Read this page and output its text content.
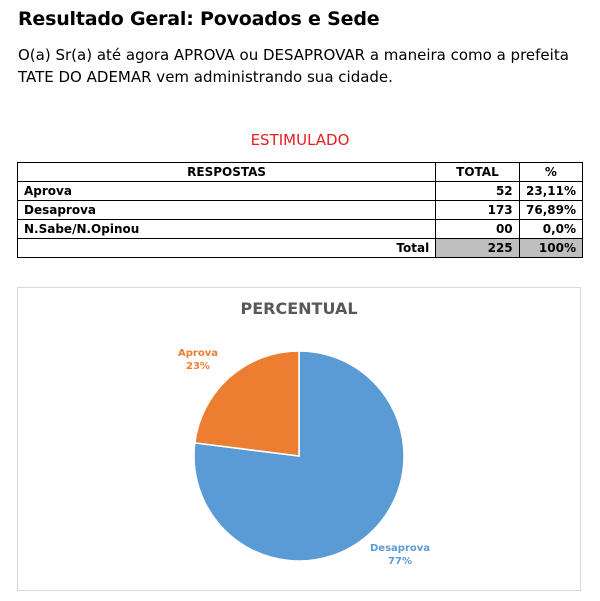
Resultado Geral: Povoados e Sede
O(a) Sr(a) até agora APROVA ou DESAPROVAR a maneira como a prefeita TATE DO ADEMAR vem administrando sua cidade.
ESTIMULADO
RESPOSTAS	TOTAL	%
Aprova	52	23,11%
Desaprova	173	76,89%
N.Sabe/N.Opinou	00	0,0%
Total	225	100%
PERCENTUAL
Desaprova
77%
Aprova
23%
